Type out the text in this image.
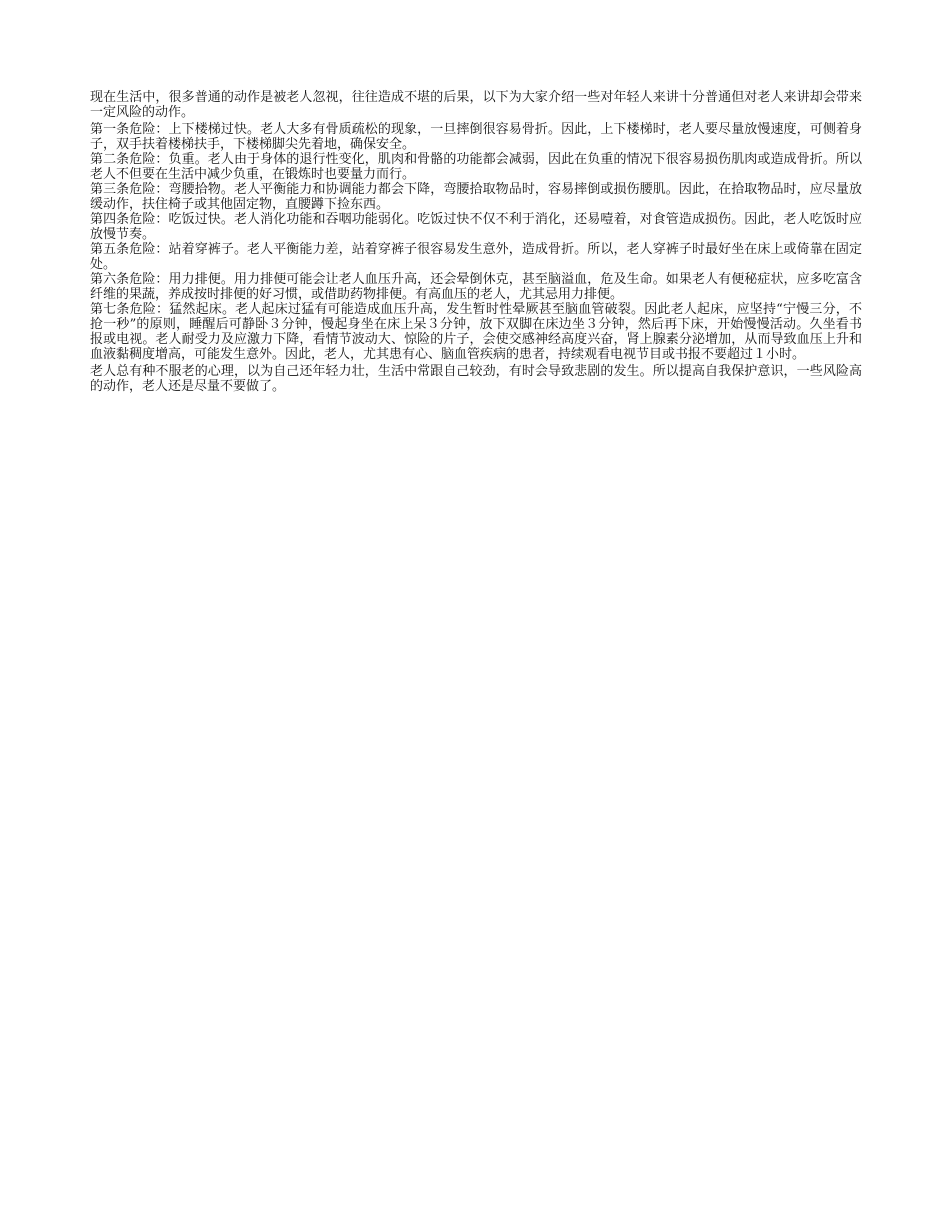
现在生活中，很多普通的动作是被老人忽视，往往造成不堪的后果，以下为大家介绍一些对年轻人来讲十分普通但对老人来讲却会带来一定风险的动作。

第一条危险：上下楼梯过快。老人大多有骨质疏松的现象，一旦摔倒很容易骨折。因此，上下楼梯时，老人要尽量放慢速度，可侧着身子，双手扶着楼梯扶手，下楼梯脚尖先着地，确保安全。

第二条危险：负重。老人由于身体的退行性变化，肌肉和骨骼的功能都会减弱，因此在负重的情况下很容易损伤肌肉或造成骨折。所以老人不但要在生活中减少负重，在锻炼时也要量力而行。

第三条危险：弯腰拾物。老人平衡能力和协调能力都会下降，弯腰拾取物品时，容易摔倒或损伤腰肌。因此，在拾取物品时，应尽量放缓动作，扶住椅子或其他固定物，直腰蹲下捡东西。

第四条危险：吃饭过快。老人消化功能和吞咽功能弱化。吃饭过快不仅不利于消化，还易噎着，对食管造成损伤。因此，老人吃饭时应放慢节奏。

第五条危险：站着穿裤子。老人平衡能力差，站着穿裤子很容易发生意外，造成骨折。所以，老人穿裤子时最好坐在床上或倚靠在固定处。

第六条危险：用力排便。用力排便可能会让老人血压升高，还会晕倒休克，甚至脑溢血，危及生命。如果老人有便秘症状，应多吃富含纤维的果蔬，养成按时排便的好习惯，或借助药物排便。有高血压的老人，尤其忌用力排便。

第七条危险：猛然起床。老人起床过猛有可能造成血压升高，发生暂时性晕厥甚至脑血管破裂。因此老人起床，应坚持“宁慢三分，不抢一秒”的原则，睡醒后可静卧３分钟，慢起身坐在床上呆３分钟，放下双脚在床边坐３分钟，然后再下床，开始慢慢活动。久坐看书报或电视。老人耐受力及应激力下降，看情节波动大、惊险的片子，会使交感神经高度兴奋，肾上腺素分泌增加，从而导致血压上升和血液黏稠度增高，可能发生意外。因此，老人，尤其患有心、脑血管疾病的患者，持续观看电视节目或书报不要超过１小时。

老人总有种不服老的心理，以为自己还年轻力壮，生活中常跟自己较劲，有时会导致悲剧的发生。所以提高自我保护意识，一些风险高的动作，老人还是尽量不要做了。
